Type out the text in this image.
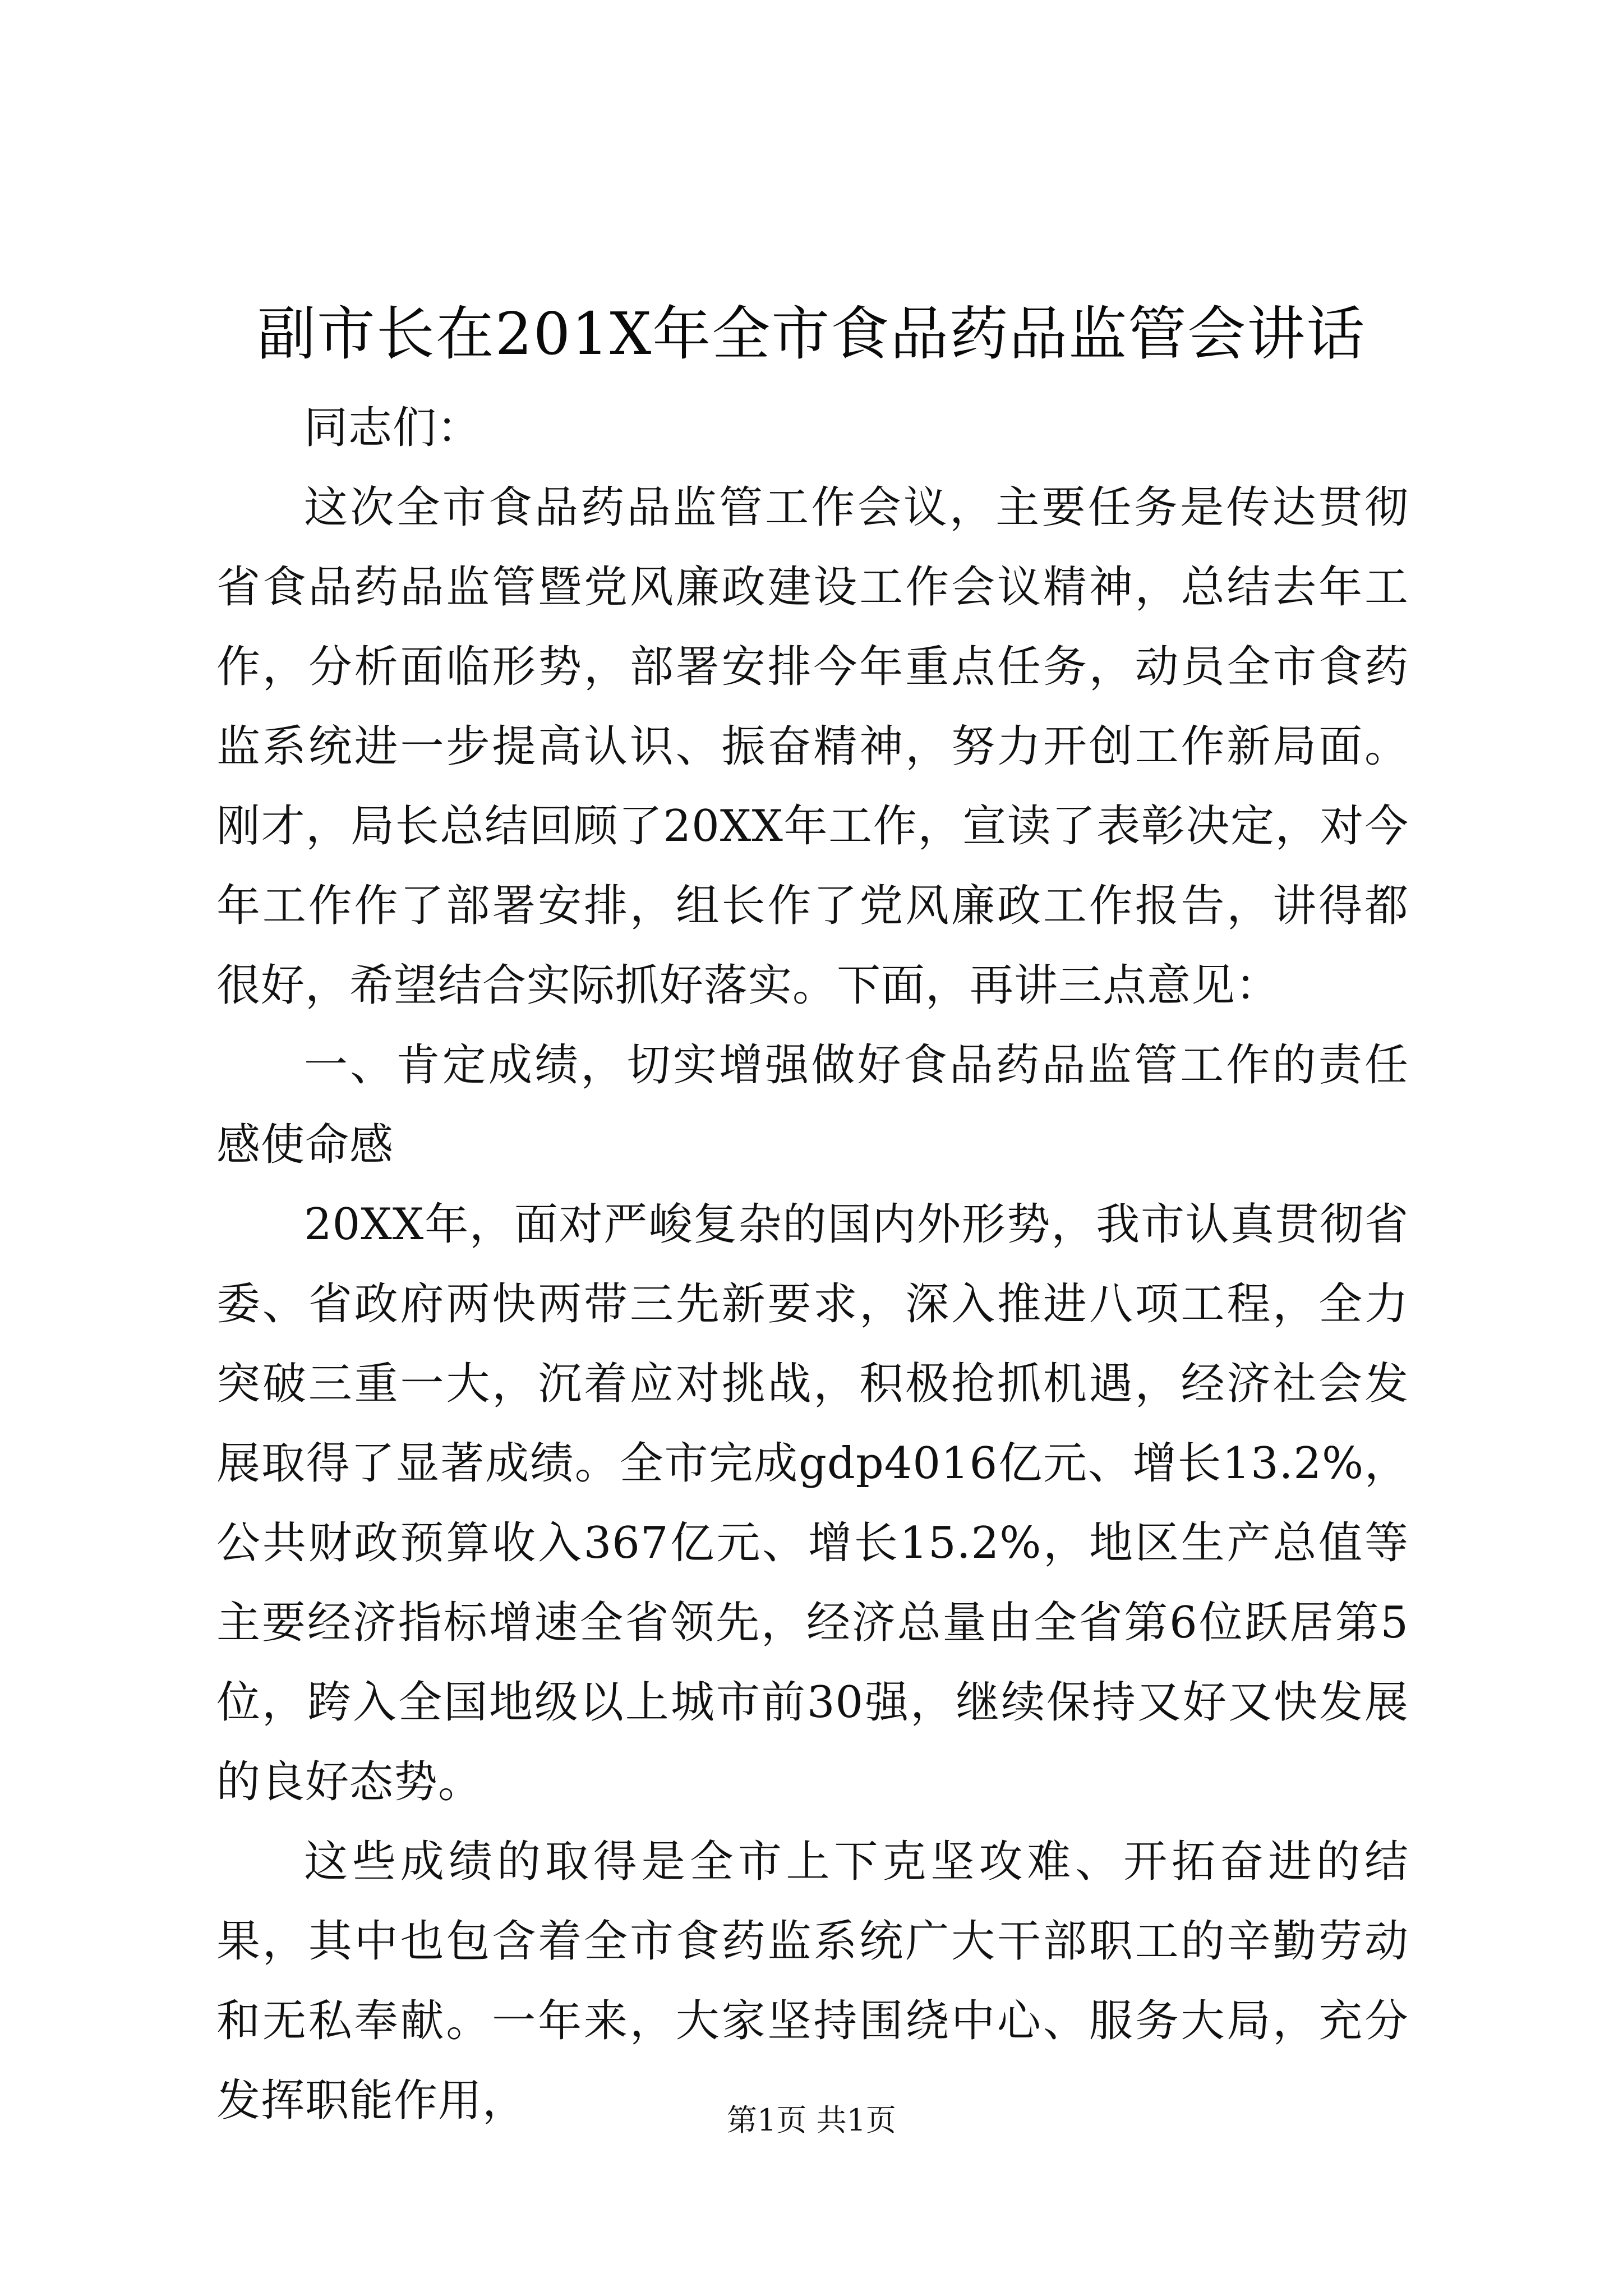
副市长在201X年全市食品药品监管会讲话

同志们：

这次全市食品药品监管工作会议，主要任务是传达贯彻省食品药品监管暨党风廉政建设工作会议精神，总结去年工作，分析面临形势，部署安排今年重点任务，动员全市食药监系统进一步提高认识、振奋精神，努力开创工作新局面。刚才，局长总结回顾了20XX年工作，宣读了表彰决定，对今年工作作了部署安排，组长作了党风廉政工作报告，讲得都很好，希望结合实际抓好落实。下面，再讲三点意见：

一、肯定成绩，切实增强做好食品药品监管工作的责任感使命感

20XX年，面对严峻复杂的国内外形势，我市认真贯彻省委、省政府两快两带三先新要求，深入推进八项工程，全力突破三重一大，沉着应对挑战，积极抢抓机遇，经济社会发展取得了显著成绩。全市完成gdp4016亿元、增长13.2%，公共财政预算收入367亿元、增长15.2%，地区生产总值等主要经济指标增速全省领先，经济总量由全省第6位跃居第5位，跨入全国地级以上城市前30强，继续保持又好又快发展的良好态势。

这些成绩的取得是全市上下克坚攻难、开拓奋进的结果，其中也包含着全市食药监系统广大干部职工的辛勤劳动和无私奉献。一年来，大家坚持围绕中心、服务大局，充分发挥职能作用，	第1页 共1页
